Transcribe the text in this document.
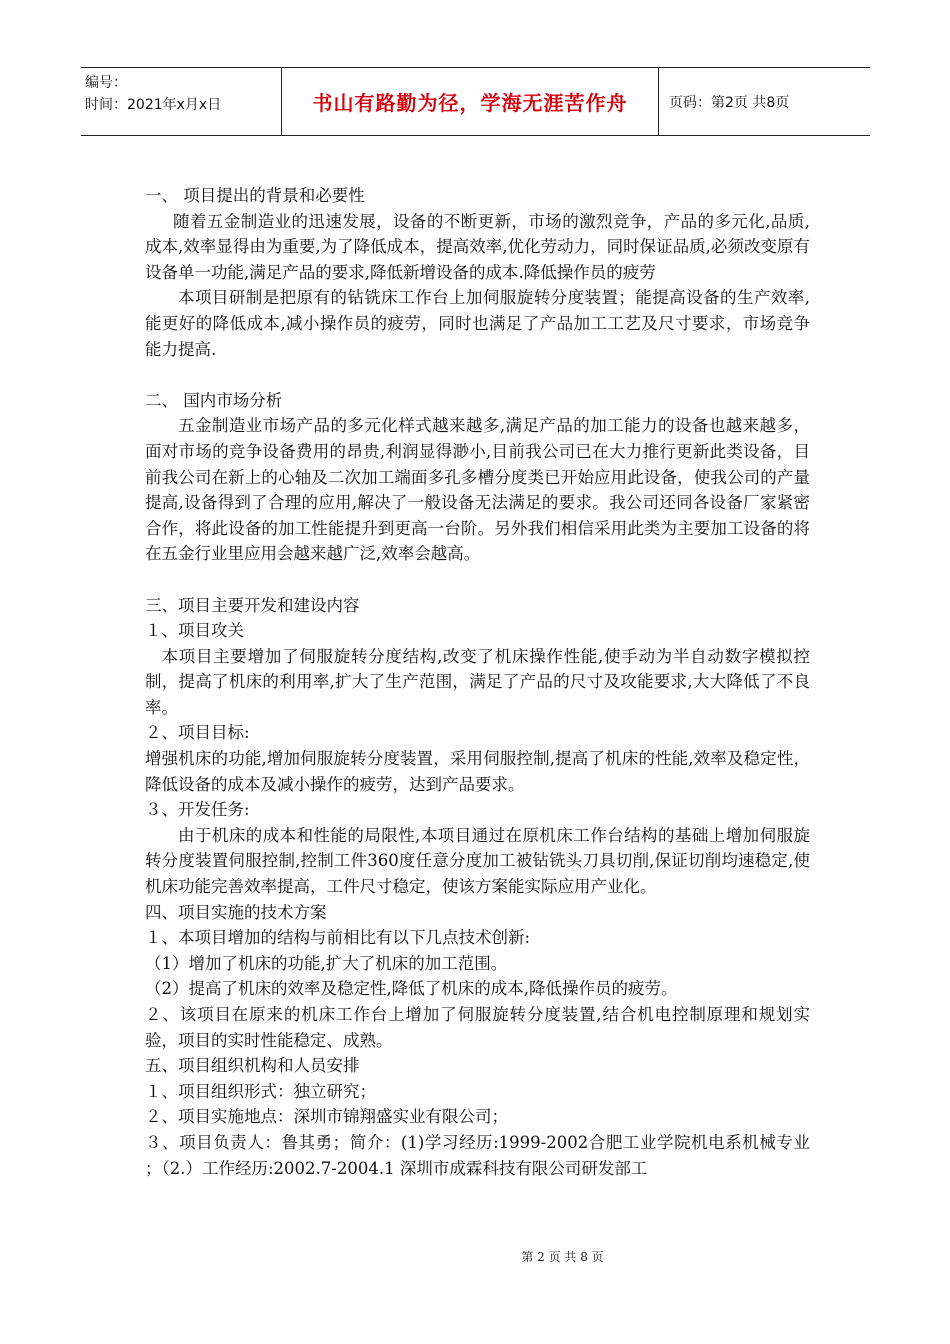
编号：
时间：2021年x月x日	书山有路勤为径，学海无涯苦作舟	页码：第2页 共8页

一、 项目提出的背景和必要性

随着五金制造业的迅速发展，设备的不断更新，市场的激烈竞争，产品的多元化,品质,成本,效率显得由为重要,为了降低成本，提高效率,优化劳动力，同时保证品质,必须改变原有设备单一功能,满足产品的要求,降低新增设备的成本.降低操作员的疲劳

本项目研制是把原有的钻铣床工作台上加伺服旋转分度装置；能提高设备的生产效率,能更好的降低成本,减小操作员的疲劳，同时也满足了产品加工工艺及尺寸要求，市场竞争能力提高.

二、 国内市场分析

五金制造业市场产品的多元化样式越来越多,满足产品的加工能力的设备也越来越多，面对市场的竞争设备费用的昂贵,利润显得渺小,目前我公司已在大力推行更新此类设备，目前我公司在新上的心轴及二次加工端面多孔多槽分度类已开始应用此设备，使我公司的产量提高,设备得到了合理的应用,解决了一般设备无法满足的要求。我公司还同各设备厂家紧密合作，将此设备的加工性能提升到更高一台阶。另外我们相信采用此类为主要加工设备的将在五金行业里应用会越来越广泛,效率会越高。

三、项目主要开发和建设内容

１、项目攻关

本项目主要增加了伺服旋转分度结构,改变了机床操作性能,使手动为半自动数字模拟控制，提高了机床的利用率,扩大了生产范围，满足了产品的尺寸及攻能要求,大大降低了不良率。

２、项目目标:

增强机床的功能,增加伺服旋转分度装置，采用伺服控制,提高了机床的性能,效率及稳定性，降低设备的成本及减小操作的疲劳，达到产品要求。

３、开发任务:

由于机床的成本和性能的局限性,本项目通过在原机床工作台结构的基础上增加伺服旋转分度装置伺服控制,控制工件360度任意分度加工被钻铣头刀具切削,保证切削均速稳定,使机床功能完善效率提高，工件尺寸稳定，使该方案能实际应用产业化。

四、项目实施的技术方案

１、本项目增加的结构与前相比有以下几点技术创新:

（1）增加了机床的功能,扩大了机床的加工范围。

（2）提高了机床的效率及稳定性,降低了机床的成本,降低操作员的疲劳。

２、该项目在原来的机床工作台上增加了伺服旋转分度装置,结合机电控制原理和规划实验，项目的实时性能稳定、成熟。

五、项目组织机构和人员安排

１、项目组织形式：独立研究；

２、项目实施地点：深圳市锦翔盛实业有限公司；

３、项目负责人：鲁其勇；简介：(1)学习经历:1999-2002合肥工业学院机电系机械专业 ；（2.）工作经历:2002.7-2004.1 深圳市成霖科技有限公司研发部工

第 2 页 共 8 页
